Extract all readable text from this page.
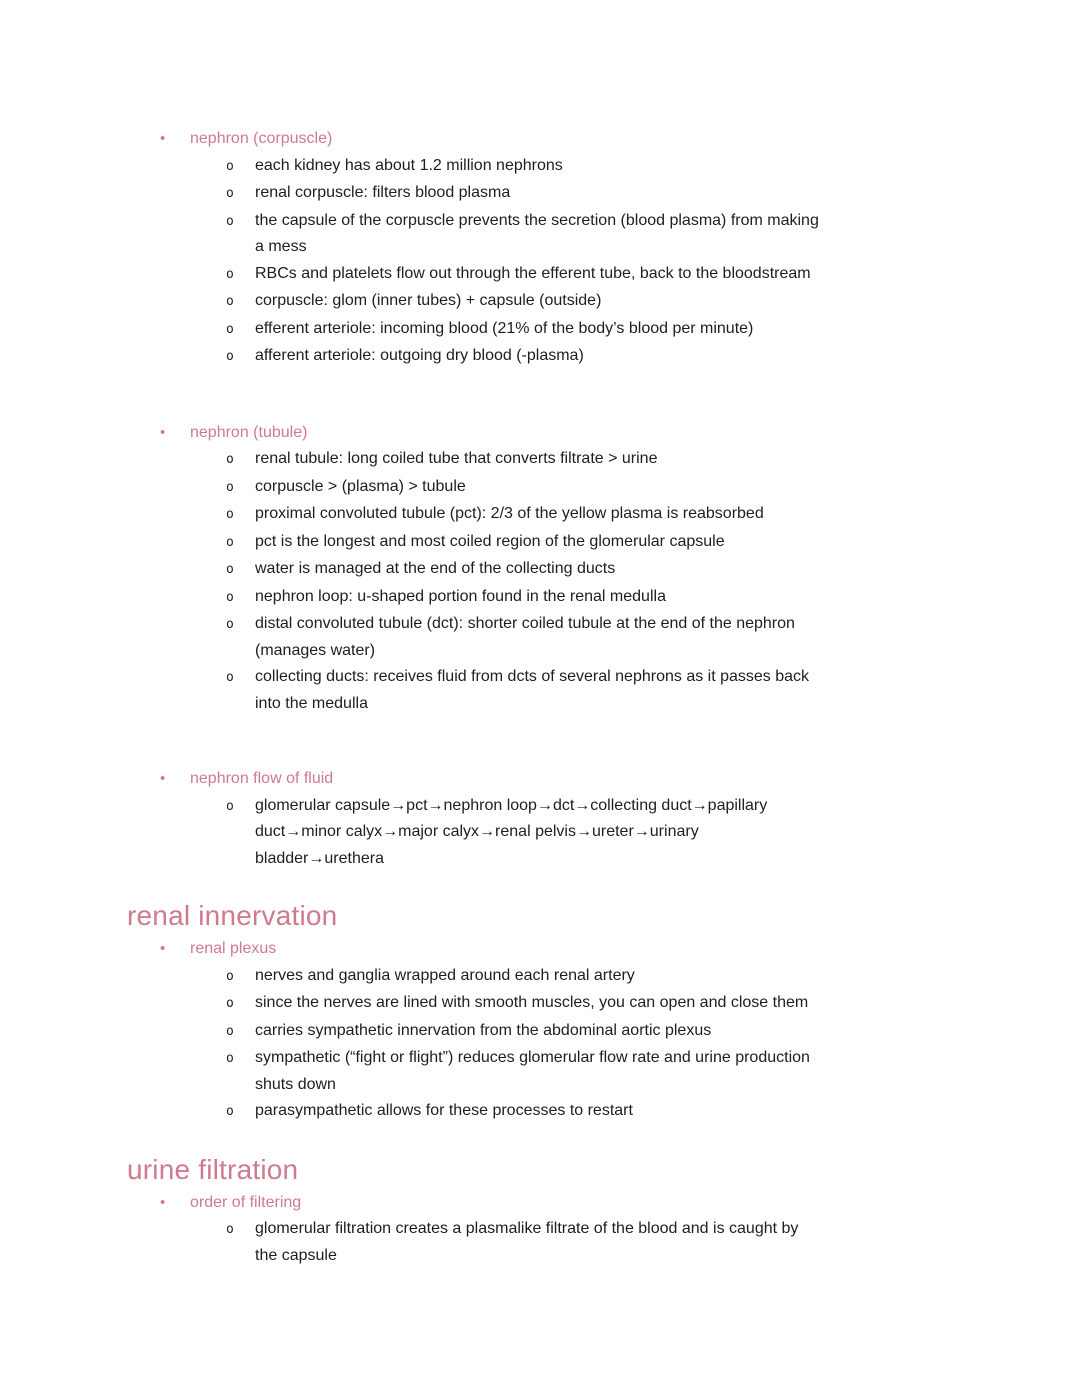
•	nephron (corpuscle)
o	each kidney has about 1.2 million nephrons
o	renal corpuscle: filters blood plasma
o	the capsule of the corpuscle prevents the secretion (blood plasma) from making
a mess
o	RBCs and platelets flow out through the efferent tube, back to the bloodstream
o	corpuscle: glom (inner tubes) + capsule (outside)
o	efferent arteriole: incoming blood (21% of the body’s blood per minute)
o	afferent arteriole: outgoing dry blood (-plasma)
•	nephron (tubule)
o	renal tubule: long coiled tube that converts filtrate > urine
o	corpuscle > (plasma) > tubule
o	proximal convoluted tubule (pct): 2/3 of the yellow plasma is reabsorbed
o	pct is the longest and most coiled region of the glomerular capsule
o	water is managed at the end of the collecting ducts
o	nephron loop: u-shaped portion found in the renal medulla
o	distal convoluted tubule (dct): shorter coiled tubule at the end of the nephron
(manages water)
o	collecting ducts: receives fluid from dcts of several nephrons as it passes back
into the medulla
•	nephron flow of fluid
o	glomerular capsule→pct→nephron loop→dct→collecting duct→papillary
duct→minor calyx→major calyx→renal pelvis→ureter→urinary
bladder→urethera
renal innervation
•	renal plexus
o	nerves and ganglia wrapped around each renal artery
o	since the nerves are lined with smooth muscles, you can open and close them
o	carries sympathetic innervation from the abdominal aortic plexus
o	sympathetic (“fight or flight”) reduces glomerular flow rate and urine production
shuts down
o	parasympathetic allows for these processes to restart
urine filtration
•	order of filtering
o	glomerular filtration creates a plasmalike filtrate of the blood and is caught by
the capsule
